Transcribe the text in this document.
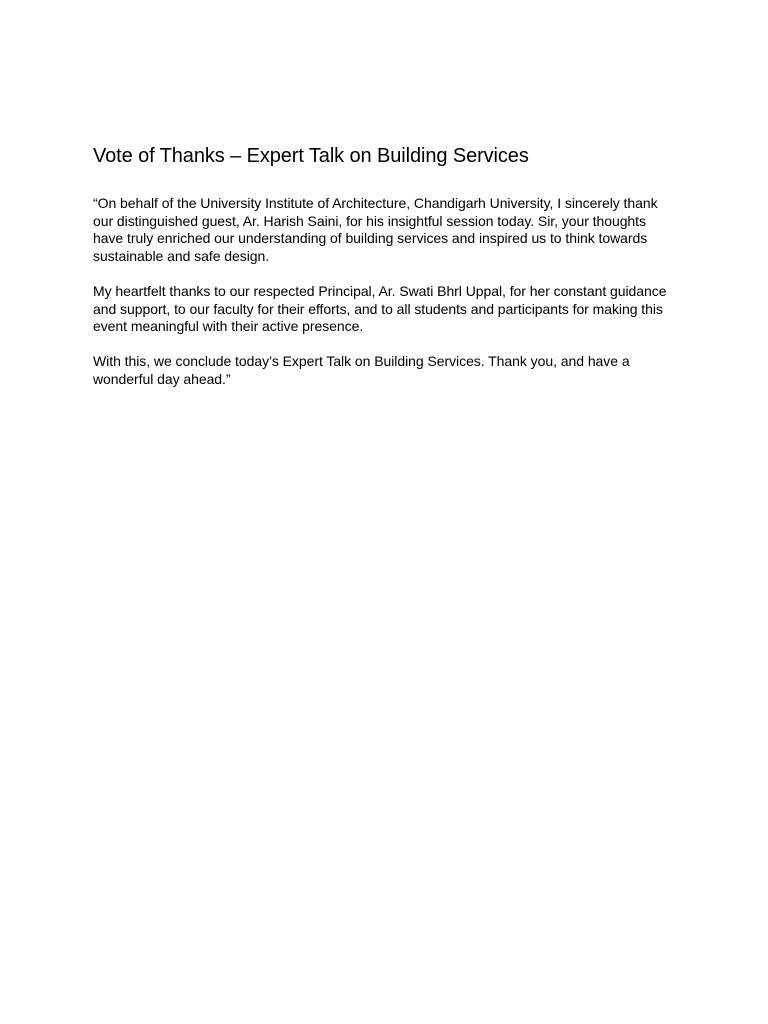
Vote of Thanks – Expert Talk on Building Services

“On behalf of the University Institute of Architecture, Chandigarh University, I sincerely thank our distinguished guest, Ar. Harish Saini, for his insightful session today. Sir, your thoughts have truly enriched our understanding of building services and inspired us to think towards sustainable and safe design.

My heartfelt thanks to our respected Principal, Ar. Swati Bhrl Uppal, for her constant guidance and support, to our faculty for their efforts, and to all students and participants for making this event meaningful with their active presence.

With this, we conclude today’s Expert Talk on Building Services. Thank you, and have a wonderful day ahead.”
